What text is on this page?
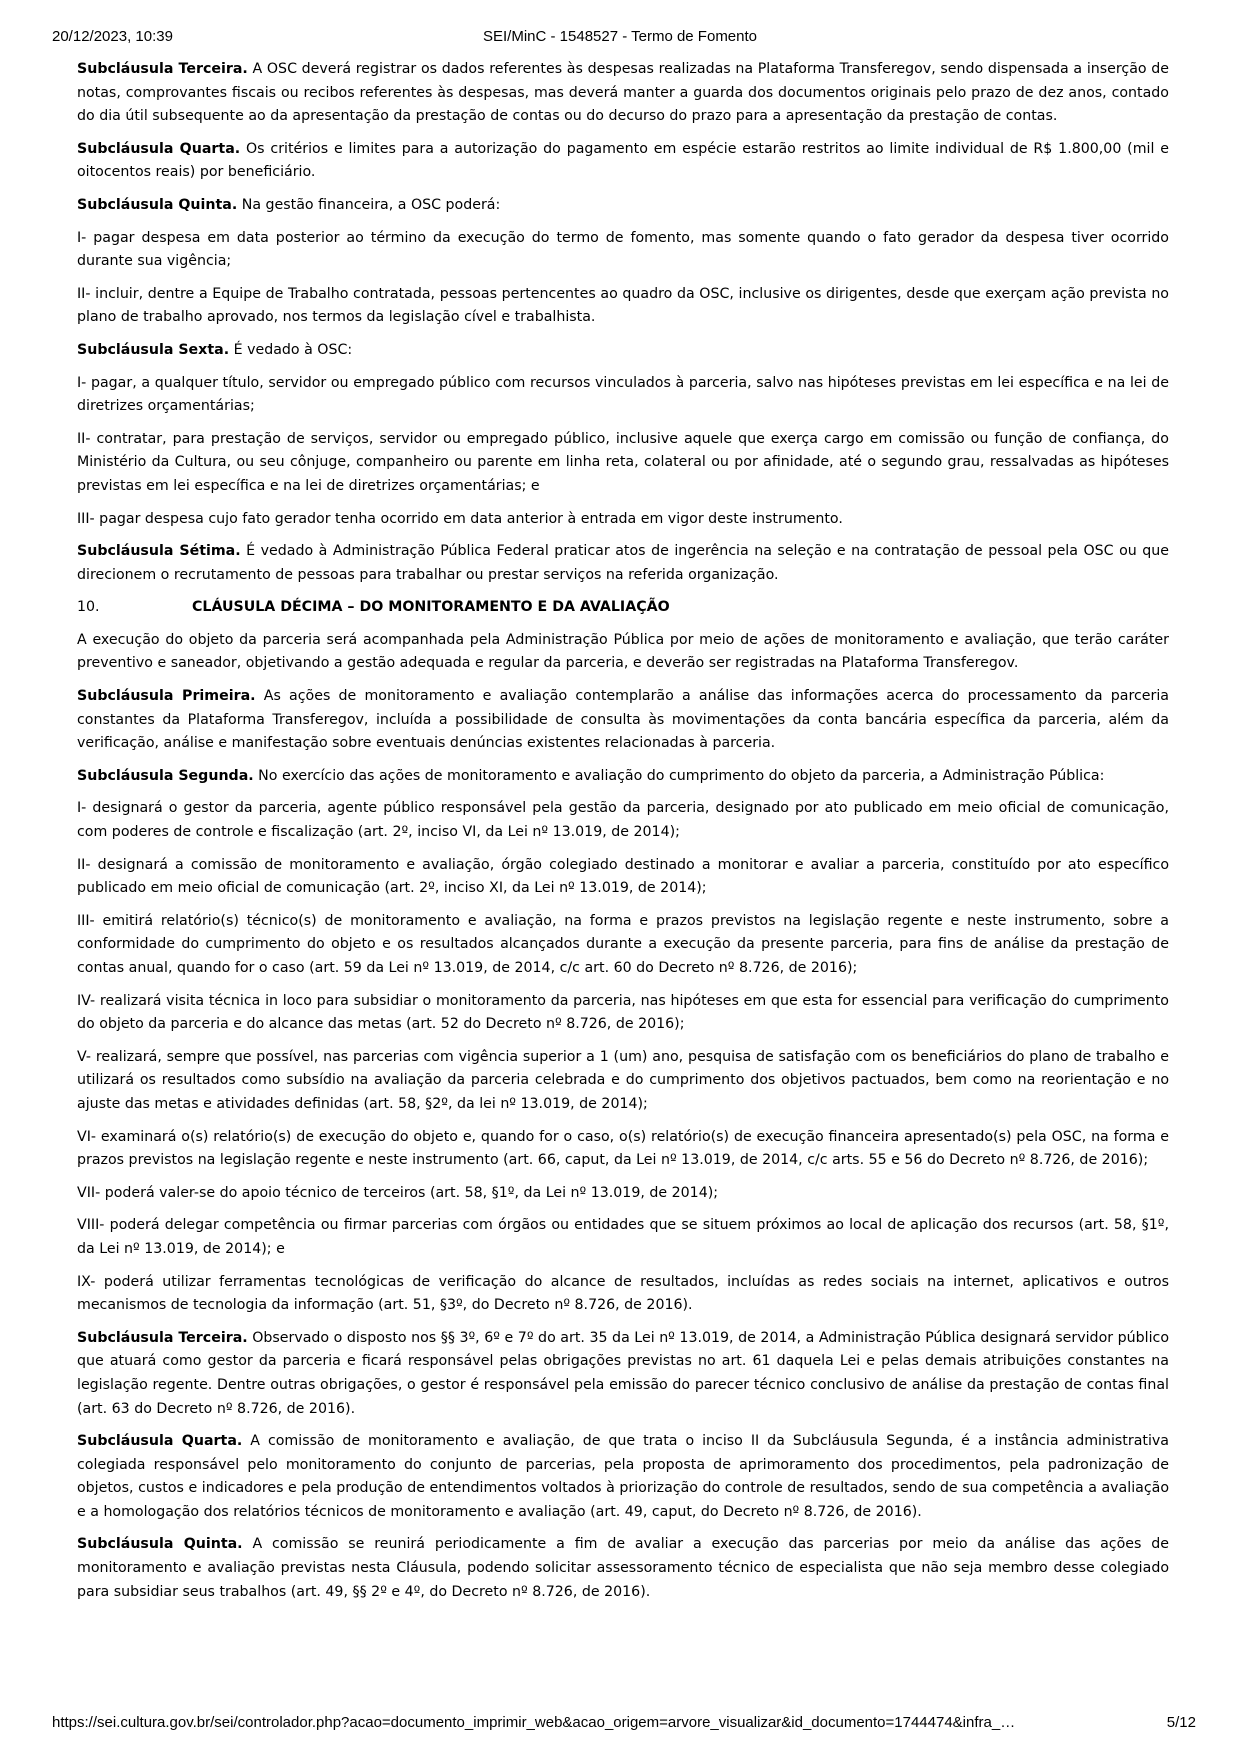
SEI/MinC - 1548527 - Termo de Fomento
20/12/2023, 10:39

Subcláusula Terceira. A OSC deverá registrar os dados referentes às despesas realizadas na Plataforma Transferegov, sendo dispensada a inserção de notas, comprovantes fiscais ou recibos referentes às despesas, mas deverá manter a guarda dos documentos originais pelo prazo de dez anos, contado do dia útil subsequente ao da apresentação da prestação de contas ou do decurso do prazo para a apresentação da prestação de contas.

Subcláusula Quarta. Os critérios e limites para a autorização do pagamento em espécie estarão restritos ao limite individual de R$ 1.800,00 (mil e oitocentos reais) por beneficiário.

Subcláusula Quinta. Na gestão financeira, a OSC poderá:

I- pagar despesa em data posterior ao término da execução do termo de fomento, mas somente quando o fato gerador da despesa tiver ocorrido durante sua vigência;

II- incluir, dentre a Equipe de Trabalho contratada, pessoas pertencentes ao quadro da OSC, inclusive os dirigentes, desde que exerçam ação prevista no plano de trabalho aprovado, nos termos da legislação cível e trabalhista.

Subcláusula Sexta. É vedado à OSC:

I- pagar, a qualquer título, servidor ou empregado público com recursos vinculados à parceria, salvo nas hipóteses previstas em lei específica e na lei de diretrizes orçamentárias;

II- contratar, para prestação de serviços, servidor ou empregado público, inclusive aquele que exerça cargo em comissão ou função de confiança, do Ministério da Cultura, ou seu cônjuge, companheiro ou parente em linha reta, colateral ou por afinidade, até o segundo grau, ressalvadas as hipóteses previstas em lei específica e na lei de diretrizes orçamentárias; e

III- pagar despesa cujo fato gerador tenha ocorrido em data anterior à entrada em vigor deste instrumento.

Subcláusula Sétima. É vedado à Administração Pública Federal praticar atos de ingerência na seleção e na contratação de pessoal pela OSC ou que direcionem o recrutamento de pessoas para trabalhar ou prestar serviços na referida organização.

10.	CLÁUSULA DÉCIMA – DO MONITORAMENTO E DA AVALIAÇÃO

A execução do objeto da parceria será acompanhada pela Administração Pública por meio de ações de monitoramento e avaliação, que terão caráter preventivo e saneador, objetivando a gestão adequada e regular da parceria, e deverão ser registradas na Plataforma Transferegov.

Subcláusula Primeira. As ações de monitoramento e avaliação contemplarão a análise das informações acerca do processamento da parceria constantes da Plataforma Transferegov, incluída a possibilidade de consulta às movimentações da conta bancária específica da parceria, além da verificação, análise e manifestação sobre eventuais denúncias existentes relacionadas à parceria.

Subcláusula Segunda. No exercício das ações de monitoramento e avaliação do cumprimento do objeto da parceria, a Administração Pública:

I- designará o gestor da parceria, agente público responsável pela gestão da parceria, designado por ato publicado em meio oficial de comunicação, com poderes de controle e fiscalização (art. 2º, inciso VI, da Lei nº 13.019, de 2014);

II- designará a comissão de monitoramento e avaliação, órgão colegiado destinado a monitorar e avaliar a parceria, constituído por ato específico publicado em meio oficial de comunicação (art. 2º, inciso XI, da Lei nº 13.019, de 2014);

III- emitirá relatório(s) técnico(s) de monitoramento e avaliação, na forma e prazos previstos na legislação regente e neste instrumento, sobre a conformidade do cumprimento do objeto e os resultados alcançados durante a execução da presente parceria, para fins de análise da prestação de contas anual, quando for o caso (art. 59 da Lei nº 13.019, de 2014, c/c art. 60 do Decreto nº 8.726, de 2016);

IV- realizará visita técnica in loco para subsidiar o monitoramento da parceria, nas hipóteses em que esta for essencial para verificação do cumprimento do objeto da parceria e do alcance das metas (art. 52 do Decreto nº 8.726, de 2016);

V- realizará, sempre que possível, nas parcerias com vigência superior a 1 (um) ano, pesquisa de satisfação com os beneficiários do plano de trabalho e utilizará os resultados como subsídio na avaliação da parceria celebrada e do cumprimento dos objetivos pactuados, bem como na reorientação e no ajuste das metas e atividades definidas (art. 58, §2º, da lei nº 13.019, de 2014);

VI- examinará o(s) relatório(s) de execução do objeto e, quando for o caso, o(s) relatório(s) de execução financeira apresentado(s) pela OSC, na forma e prazos previstos na legislação regente e neste instrumento (art. 66, caput, da Lei nº 13.019, de 2014, c/c arts. 55 e 56 do Decreto nº 8.726, de 2016);

VII- poderá valer-se do apoio técnico de terceiros (art. 58, §1º, da Lei nº 13.019, de 2014);

VIII- poderá delegar competência ou firmar parcerias com órgãos ou entidades que se situem próximos ao local de aplicação dos recursos (art. 58, §1º, da Lei nº 13.019, de 2014); e

IX- poderá utilizar ferramentas tecnológicas de verificação do alcance de resultados, incluídas as redes sociais na internet, aplicativos e outros mecanismos de tecnologia da informação (art. 51, §3º, do Decreto nº 8.726, de 2016).

Subcláusula Terceira. Observado o disposto nos §§ 3º, 6º e 7º do art. 35 da Lei nº 13.019, de 2014, a Administração Pública designará servidor público que atuará como gestor da parceria e ficará responsável pelas obrigações previstas no art. 61 daquela Lei e pelas demais atribuições constantes na legislação regente. Dentre outras obrigações, o gestor é responsável pela emissão do parecer técnico conclusivo de análise da prestação de contas final (art. 63 do Decreto nº 8.726, de 2016).

Subcláusula Quarta. A comissão de monitoramento e avaliação, de que trata o inciso II da Subcláusula Segunda, é a instância administrativa colegiada responsável pelo monitoramento do conjunto de parcerias, pela proposta de aprimoramento dos procedimentos, pela padronização de objetos, custos e indicadores e pela produção de entendimentos voltados à priorização do controle de resultados, sendo de sua competência a avaliação e a homologação dos relatórios técnicos de monitoramento e avaliação (art. 49, caput, do Decreto nº 8.726, de 2016).

Subcláusula Quinta. A comissão se reunirá periodicamente a fim de avaliar a execução das parcerias por meio da análise das ações de monitoramento e avaliação previstas nesta Cláusula, podendo solicitar assessoramento técnico de especialista que não seja membro desse colegiado para subsidiar seus trabalhos (art. 49, §§ 2º e 4º, do Decreto nº 8.726, de 2016).

https://sei.cultura.gov.br/sei/controlador.php?acao=documento_imprimir_web&acao_origem=arvore_visualizar&id_documento=1744474&infra_…	5/12
